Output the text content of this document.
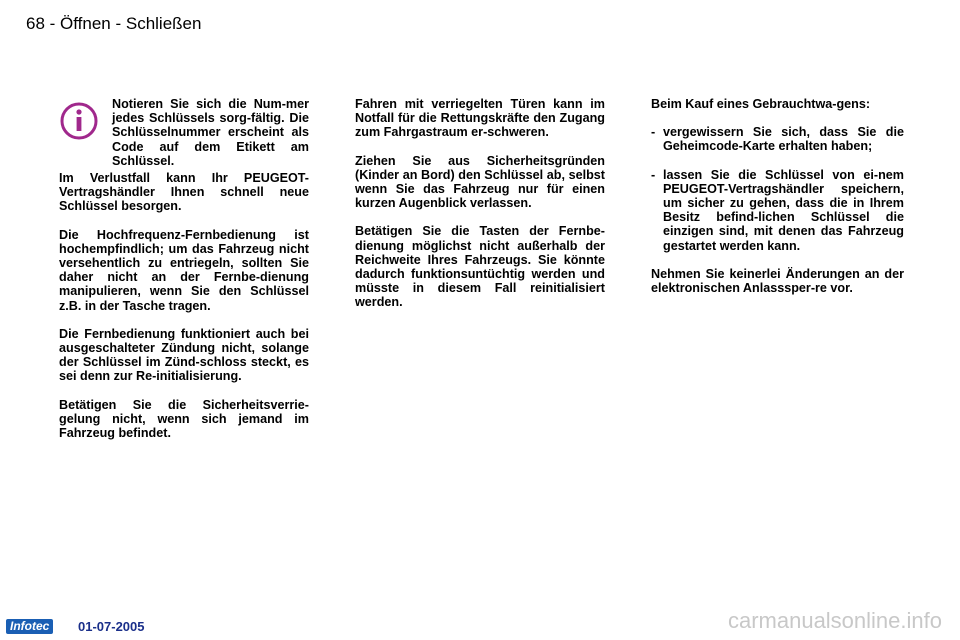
68 - Öffnen - Schließen
Notieren Sie sich die Num-mer jedes Schlüssels sorg-fältig. Die Schlüsselnummer erscheint als Code auf dem Etikett am Schlüssel.

Im Verlustfall kann Ihr PEUGEOT-Vertragshändler Ihnen schnell neue Schlüssel besorgen.

Die Hochfrequenz-Fernbedienung ist hochempfindlich; um das Fahrzeug nicht versehentlich zu entriegeln, sollten Sie daher nicht an der Fernbe-dienung manipulieren, wenn Sie den Schlüssel z.B. in der Tasche tragen.

Die Fernbedienung funktioniert auch bei ausgeschalteter Zündung nicht, solange der Schlüssel im Zünd-schloss steckt, es sei denn zur Re-initialisierung.

Betätigen Sie die Sicherheitsverrie-gelung nicht, wenn sich jemand im Fahrzeug befindet.

Fahren mit verriegelten Türen kann im Notfall für die Rettungskräfte den Zugang zum Fahrgastraum er-schweren.

Ziehen Sie aus Sicherheitsgründen (Kinder an Bord) den Schlüssel ab, selbst wenn Sie das Fahrzeug nur für einen kurzen Augenblick verlassen.

Betätigen Sie die Tasten der Fernbe-dienung möglichst nicht außerhalb der Reichweite Ihres Fahrzeugs. Sie könnte dadurch funktionsuntüchtig werden und müsste in diesem Fall reinitialisiert werden.

Beim Kauf eines Gebrauchtwa-gens:

- vergewissern Sie sich, dass Sie die Geheimcode-Karte erhalten haben;
- lassen Sie die Schlüssel von ei-nem PEUGEOT-Vertragshändler speichern, um sicher zu gehen, dass die in Ihrem Besitz befind-lichen Schlüssel die einzigen sind, mit denen das Fahrzeug gestartet werden kann.

Nehmen Sie keinerlei Änderungen an der elektronischen Anlasssper-re vor.

Infotec	01-07-2005	carmanualsonline.info
